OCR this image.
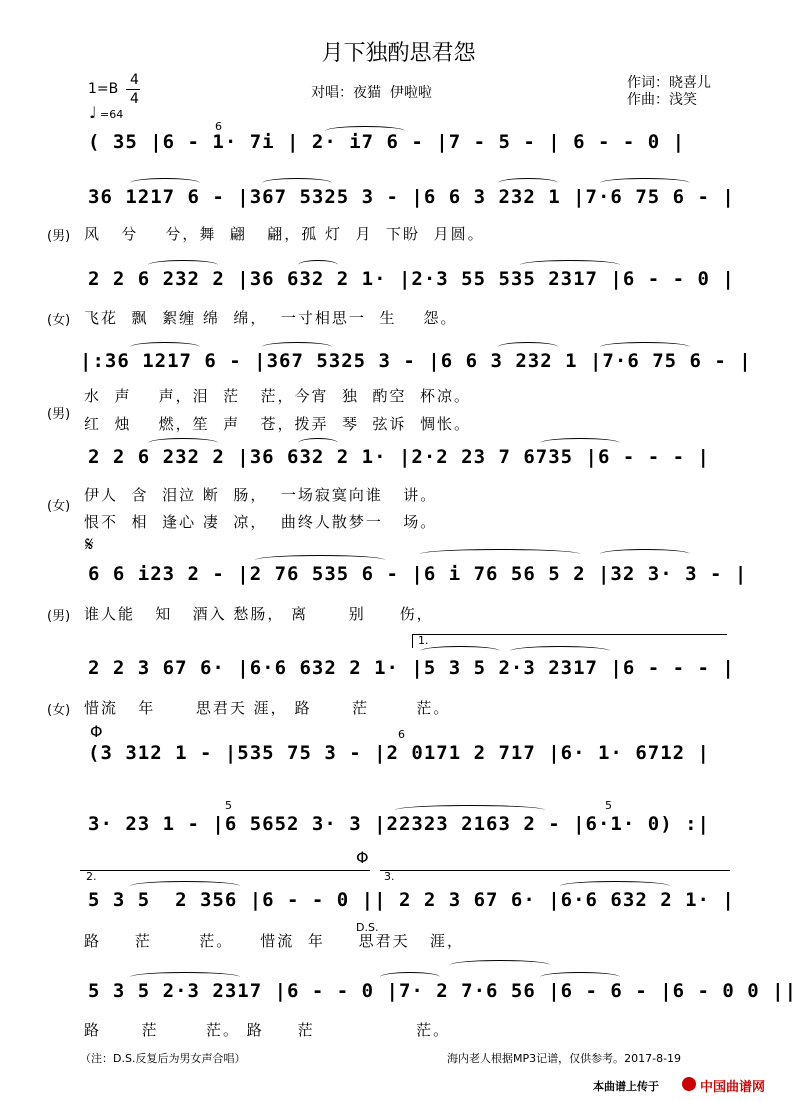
月下独酌思君怨
1=B
4
4
♩ =64
对唱：夜猫  伊啦啦
作词：晓喜儿
作曲：浅笑
( 35 |6 - 1· 7i | 2· i7 6 - |7 - 5 - | 6 - - 0 |
6
36 1217 6 - |367 5325 3 - |6 6 3 232 1 |7·6 75 6 - |
(男) 风   兮    兮，舞  翩   翩，孤 灯  月  下盼  月圆。
2 2 6 232 2 |36 632 2 1· |2·3 55 535 2317 |6 - - 0 |
(女) 飞花  飘  絮缠 绵  绵，  一寸相思一  生    怨。
|:36 1217 6 - |367 5325 3 - |6 6 3 232 1 |7·6 75 6 - |
(男)
水  声    声，泪  茫   茫，今宵  独  酌空  杯凉。
红  烛    燃，笙  声   苍，拨弄  琴  弦诉  惆怅。
2 2 6 232 2 |36 632 2 1· |2·2 23 7 6735 |6 - - - |
(女)
伊人  含  泪泣 断  肠，  一场寂寞向谁   讲。
恨不  相  逢心 凄  凉，  曲终人散梦一   场。
𝄋
6 6 i23 2 - |2 76 535 6 - |6 i 76 56 5 2 |32 3· 3 - |
(男) 谁人能   知   酒入 愁肠， 离      别     伤，
1.
2 2 3 67 6· |6·6 632 2 1· |5 3 5 2·3 2317 |6 - - - |
(女) 惜流   年      思君天 涯， 路      茫       茫。
Φ
(3 312 1 - |535 75 3 - |2 0171 2 717 |6· 1· 6712 |
6
3· 23 1 - |6 5652 3· 3 |22323 2163 2 - |6·1· 0) :|
5	5
Φ
2.	3.
5 3 5  2 356 |6 - - 0 || 2 2 3 67 6· |6·6 632 2 1· |
D.S.
路     茫       茫。    惜流  年     思君天   涯，
5 3 5 2·3 2317 |6 - - 0 |7· 2 7·6 56 |6 - 6 - |6 - 0 0 ||
路      茫       茫。 路     茫               茫。
（注：D.S.反复后为男女声合唱）	海内老人根据MP3记谱，仅供参考。2017-8-19
本曲谱上传于	中国曲谱网
